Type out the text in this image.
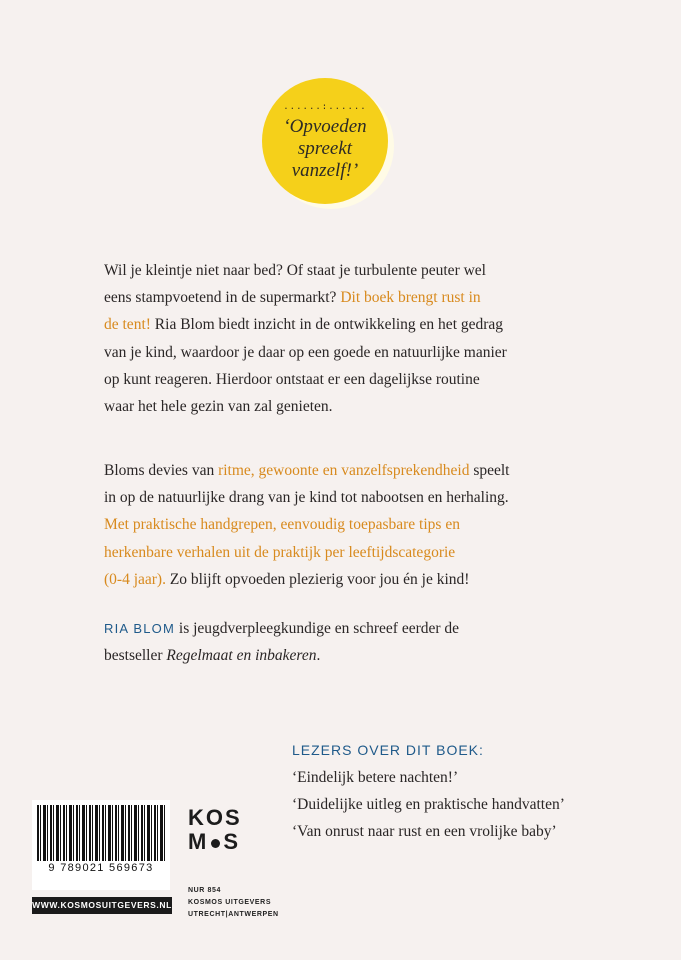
......:......
‘Opvoeden
spreekt
vanzelf!’

Wil je kleintje niet naar bed? Of staat je turbulente peuter wel
eens stampvoetend in de supermarkt? Dit boek brengt rust in
de tent! Ria Blom biedt inzicht in de ontwikkeling en het gedrag
van je kind, waardoor je daar op een goede en natuurlijke manier
op kunt reageren. Hierdoor ontstaat er een dagelijkse routine
waar het hele gezin van zal genieten.

Bloms devies van ritme, gewoonte en vanzelfsprekendheid speelt
in op de natuurlijke drang van je kind tot nabootsen en herhaling.
Met praktische handgrepen, eenvoudig toepasbare tips en
herkenbare verhalen uit de praktijk per leeftijdscategorie
(0-4 jaar). Zo blijft opvoeden plezierig voor jou én je kind!

RIA BLOM is jeugdverpleegkundige en schreef eerder de
bestseller Regelmaat en inbakeren.

LEZERS OVER DIT BOEK:
‘Eindelijk betere nachten!’
‘Duidelijke uitleg en praktische handvatten’
‘Van onrust naar rust en een vrolijke baby’
9 789021 569673
WWW.KOSMOSUITGEVERS.NL
KOS
M S
NUR 854
KOSMOS UITGEVERS
UTRECHT|ANTWERPEN
